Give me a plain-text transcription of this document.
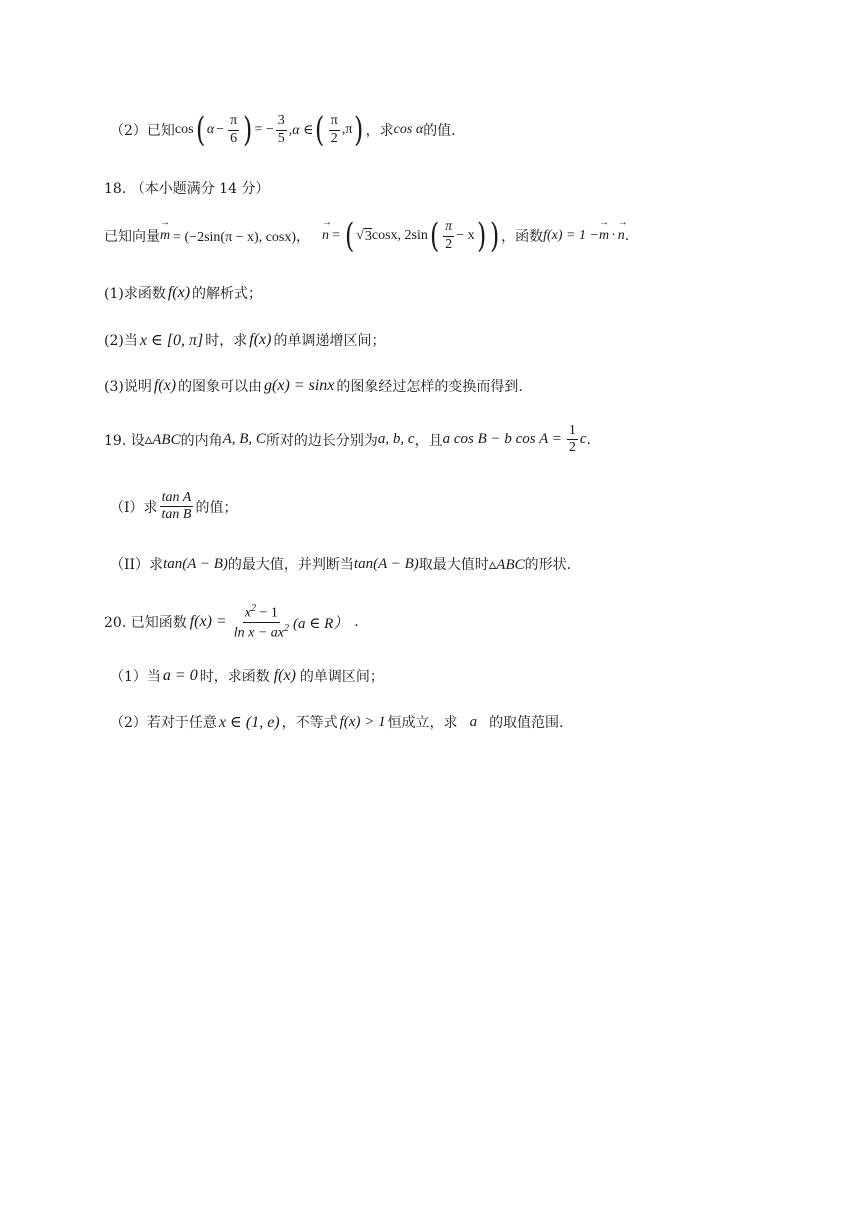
（2）已知 cos ( $\alpha - \frac{\pi}{6}$ ) = − $\frac{3}{5} ,\alpha$ ∈ ( $\frac{\pi}{2} ,\pi$ ) ，求 cos α 的值.
18. （本小题满分 14 分）
已知向量 → m = (−2sin(π − x), cosx)， → n = ( √ 3 cosx, 2sin ( $\frac{\pi}{2} - x$ ) ) ，函数 f(x) = 1 − → m · → n .
(1)求函数 f(x) 的解析式；
(2)当 x ∈ [0, π] 时，求 f(x) 的单调递增区间；
(3)说明 f(x) 的图象可以由 g(x) = sinx 的图象经过怎样的变换而得到.
19. 设 ▵ABC 的内角 A, B, C 所对的边长分别为 a, b, c ，且 a cos B − b $\cos A = \frac{1}{2}$ c .
（I）求 $\frac{\text{tan A}}{\text{tan B}}$ 的值；
（II）求 tan(A − B) 的最大值，并判断当 tan(A − B) 取最大值时 ▵ABC 的形状.
20. 已知函数 $f(x) = \frac{x^2 - 1}{\ln x - ax^2} (a$ ∈ R） .
（1）当 a = 0 时，求函数 f(x) 的单调区间；
（2）若对于任意 x ∈ (1, e) ，不等式 f(x) > 1 恒成立，求 a 的取值范围.
